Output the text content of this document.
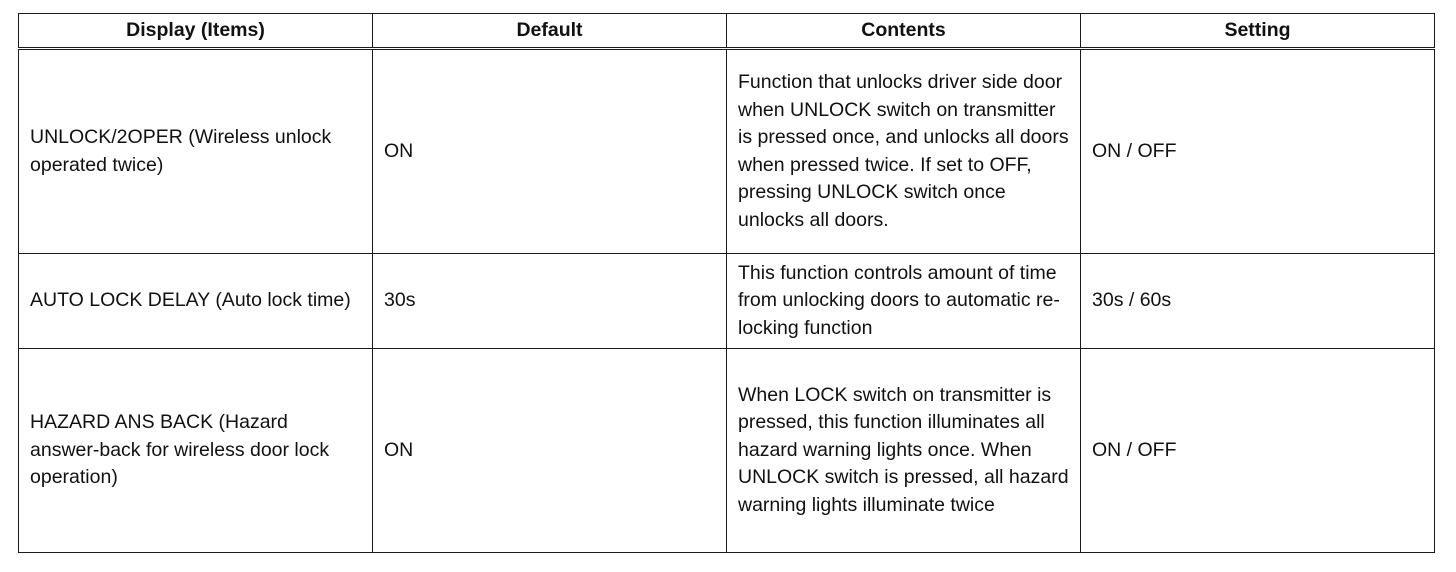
Display (Items)	Default	Contents	Setting
UNLOCK/2OPER (Wireless unlock operated twice)	ON	Function that unlocks driver side door when UNLOCK switch on transmitter is pressed once, and unlocks all doors when pressed twice. If set to OFF, pressing UNLOCK switch once unlocks all doors.	ON / OFF
AUTO LOCK DELAY (Auto lock time)	30s	This function controls amount of time from unlocking doors to automatic re-locking function	30s / 60s
HAZARD ANS BACK (Hazard answer-back for wireless door lock operation)	ON	When LOCK switch on transmitter is pressed, this function illuminates all hazard warning lights once. When UNLOCK switch is pressed, all hazard warning lights illuminate twice	ON / OFF
